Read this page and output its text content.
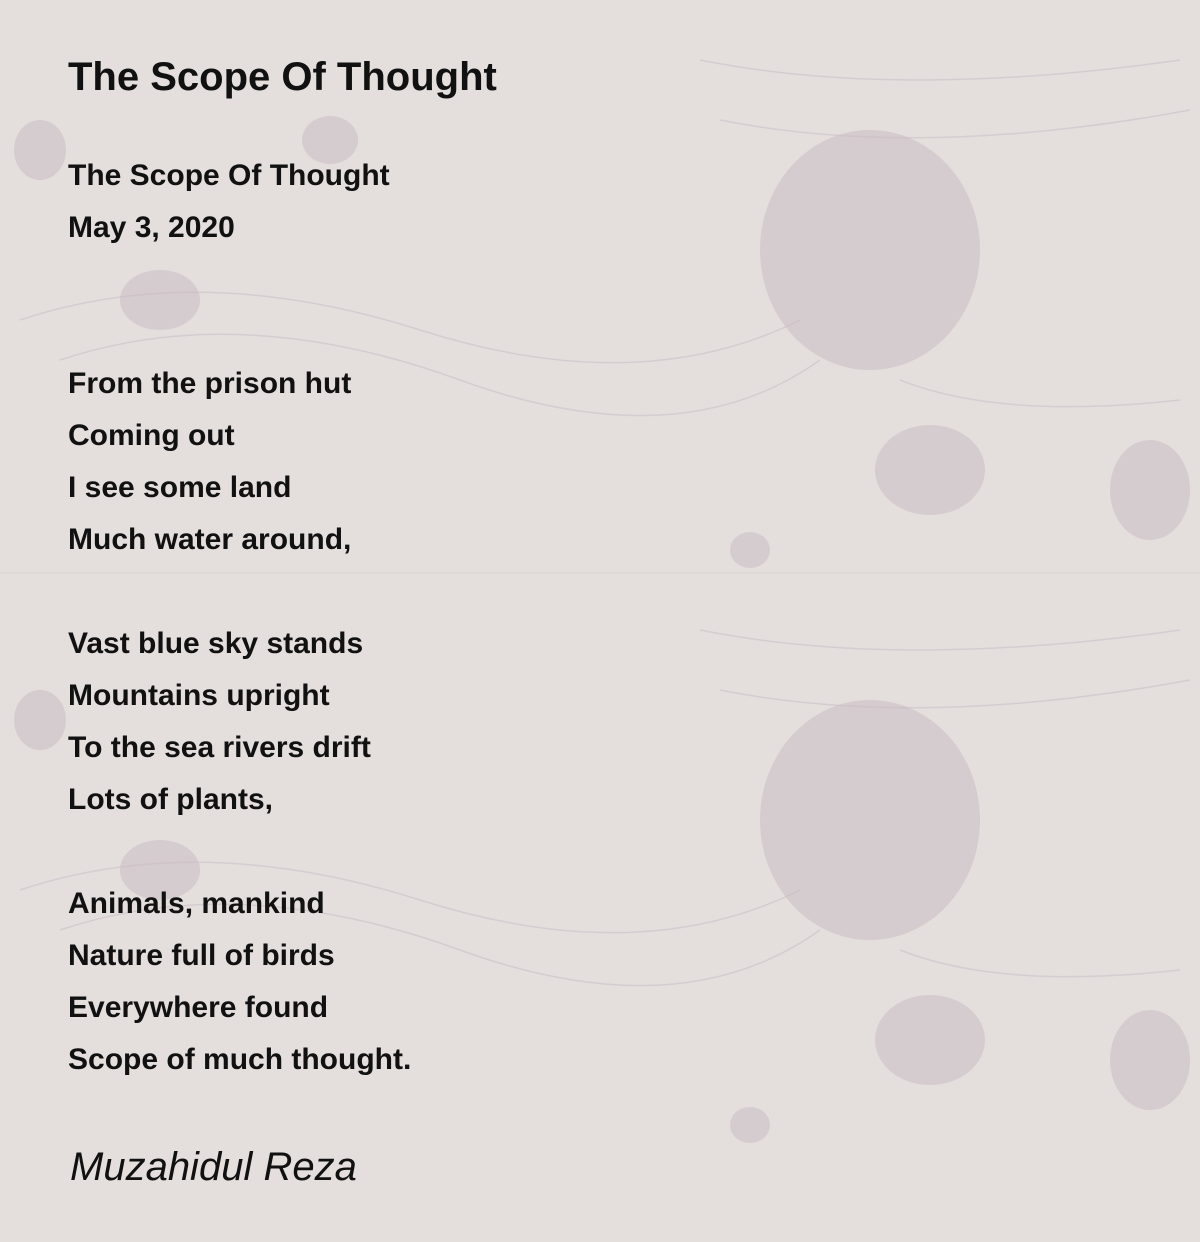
The Scope Of Thought
The Scope Of Thought
May 3, 2020
From the prison hut
Coming out
I see some land
Much water around,
Vast blue sky stands
Mountains upright
To the sea rivers drift
Lots of plants,
Animals, mankind
Nature full of birds
Everywhere found
Scope of much thought.
Muzahidul Reza
